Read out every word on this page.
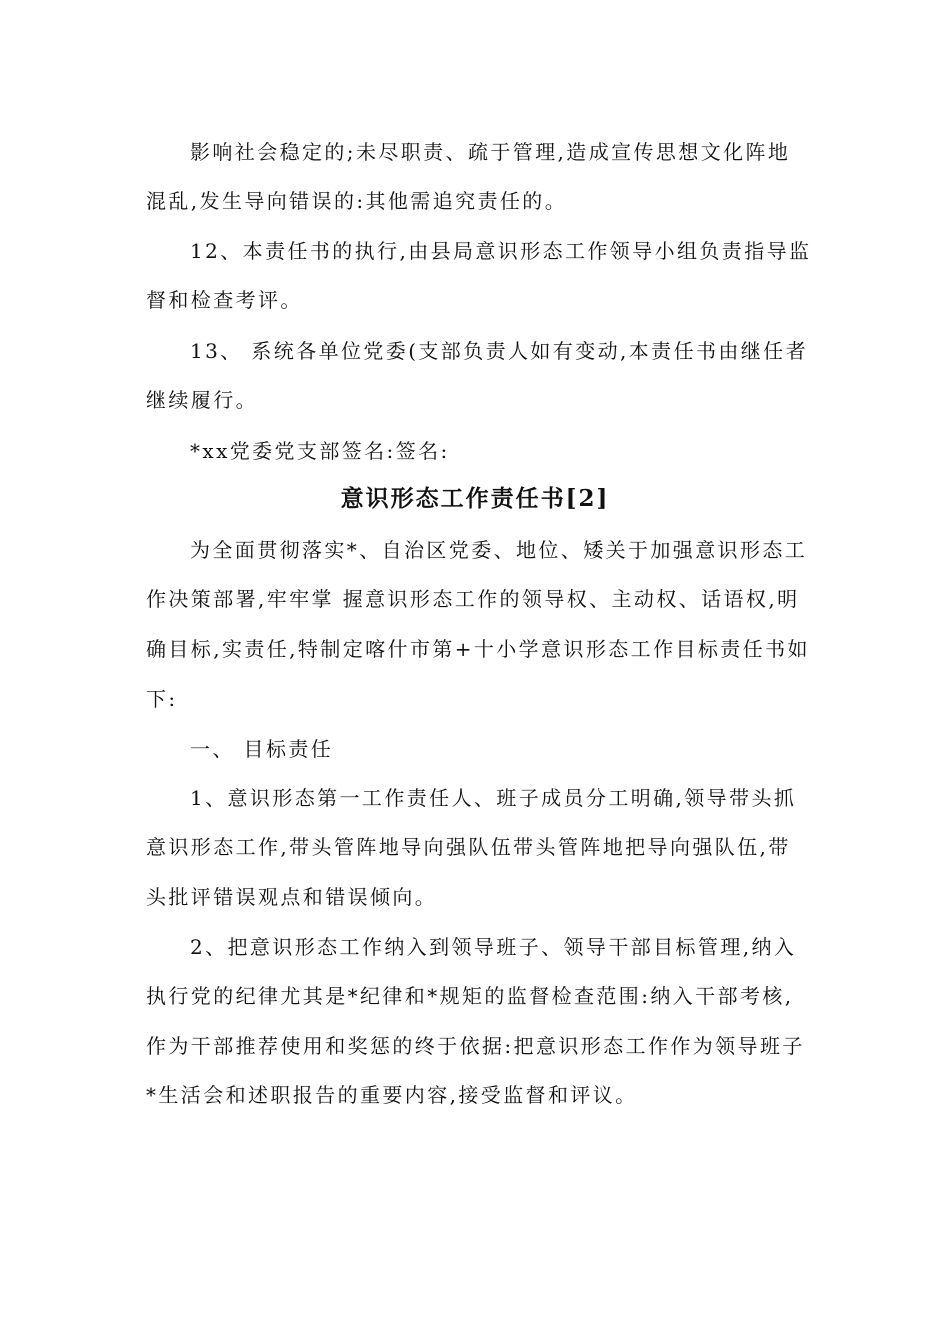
影响社会稳定的;未尽职责、疏于管理,造成宣传思想文化阵地
混乱,发生导向错误的:其他需追究责任的。
12、本责任书的执行,由县局意识形态工作领导小组负责指导监
督和检查考评。
13、 系统各单位党委(支部负责人如有变动,本责任书由继任者
继续履行。
*xx党委党支部签名:签名:
意识形态工作责任书[2]
为全面贯彻落实*、自治区党委、地位、矮关于加强意识形态工
作决策部署,牢牢掌 握意识形态工作的领导权、主动权、话语权,明
确目标,实责任,特制定喀什市第+十小学意识形态工作目标责任书如
下:
一、 目标责任
1、意识形态第一工作责任人、班子成员分工明确,领导带头抓
意识形态工作,带头管阵地导向强队伍带头管阵地把导向强队伍,带
头批评错误观点和错误倾向。
2、把意识形态工作纳入到领导班子、领导干部目标管理,纳入
执行党的纪律尤其是*纪律和*规矩的监督检查范围:纳入干部考核,
作为干部推荐使用和奖惩的终于依据:把意识形态工作作为领导班子
*生活会和述职报告的重要内容,接受监督和评议。
